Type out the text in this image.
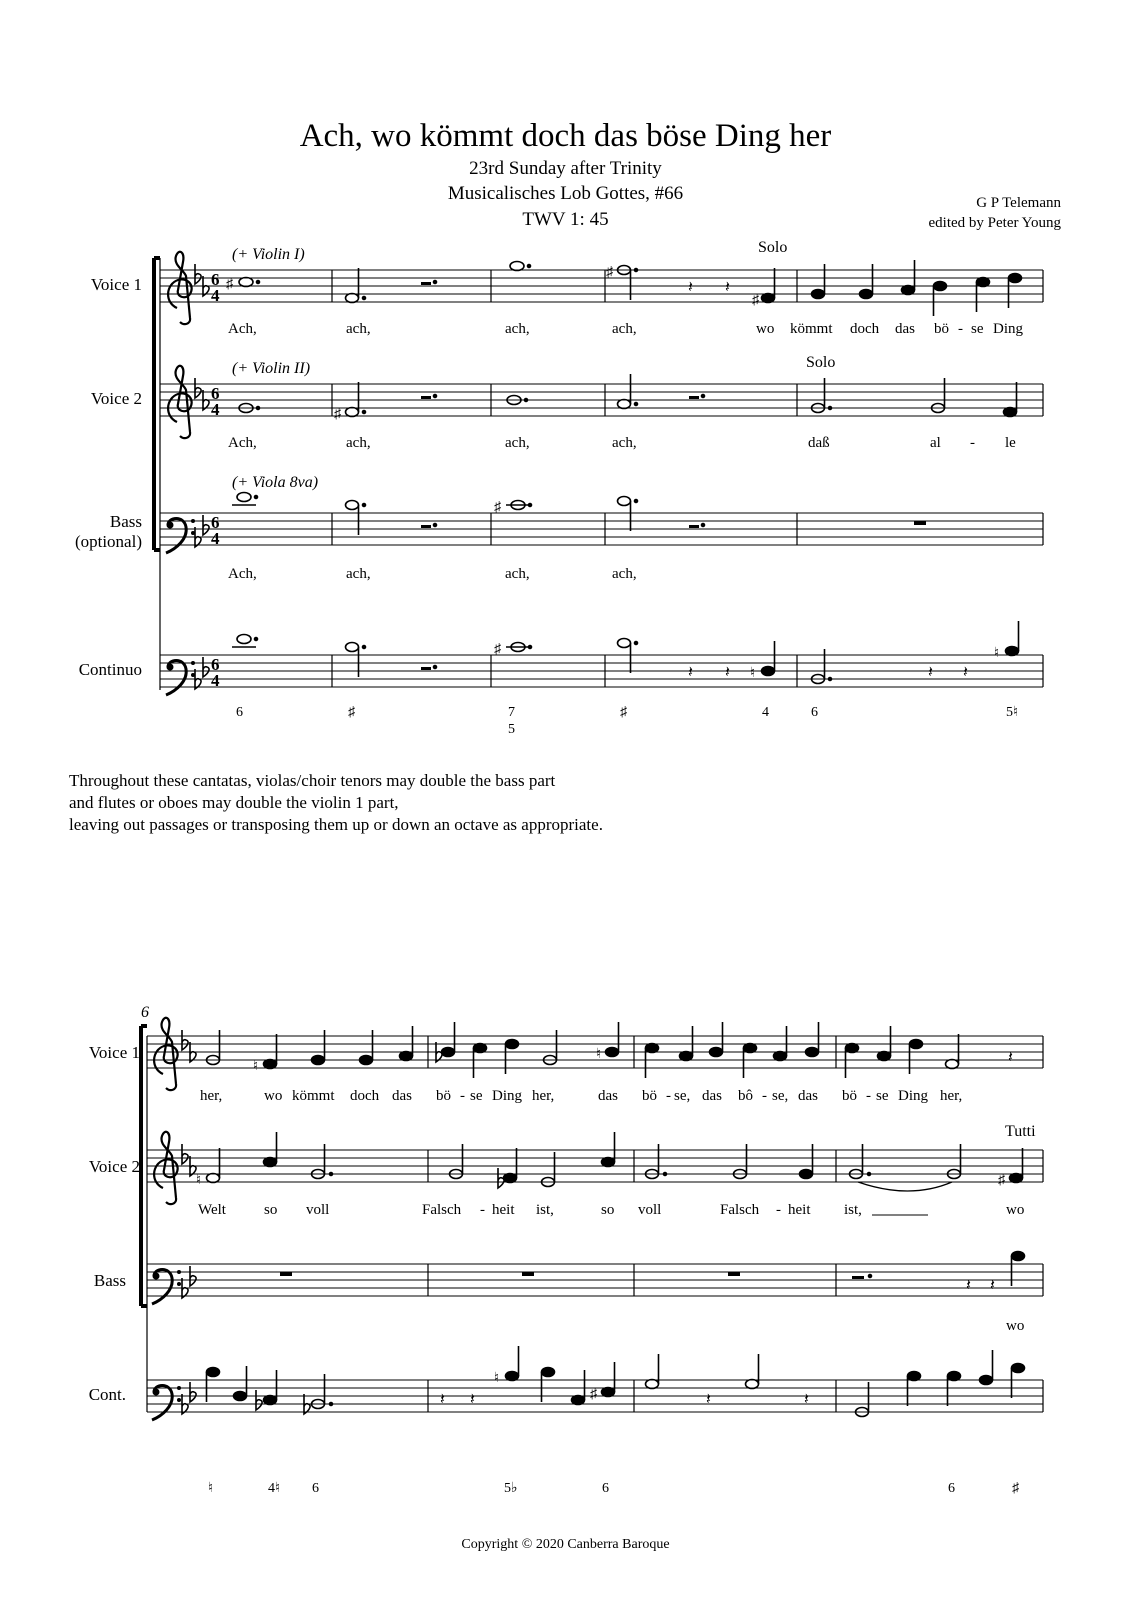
Ach, wo kömmt doch das böse Ding her
23rd Sunday after Trinity
Musicalisches Lob Gottes, #66
TWV 1: 45
G P Telemann
edited by Peter Young
Voice 1
Voice 2
Bass
(optional)
Continuo
Throughout these cantatas, violas/choir tenors may double the bass part
and flutes or oboes may double the violin 1 part,
leaving out passages or transposing them up or down an octave as appropriate.
Voice 1
Voice 2
Bass
Cont.
Copyright © 2020 Canberra Baroque
6
4
6
4
6
4
6
4
(+ Violin I)
(+ Violin II)
(+ Viola 8va)
Solo
Solo
♯
♯
𝄽 𝄽
♯
♯
♯
♯
𝄽 𝄽 ♮	𝄽 𝄽
♮
Ach,	ach,	ach,	ach,	wo kömmt doch das bö - se Ding
Ach,	ach,	ach,	ach,	daß	al - le
Ach,	ach,	ach,	ach,
6	♯	7
5
♯	4	6	5♮
6
Tutti
♮
♮	𝄽
♮	♯
𝄽 𝄽
𝄽 𝄽
♮
♯	𝄽	𝄽
her,	wo kömmt doch das bö - se Ding her,	das bö - se, das bô - se, das bö - se Ding her,
Welt	so voll	Falsch - heit ist,	so voll	Falsch - heit ist,	wo
wo
♮	4♮ 6	5♭	6	6	♯
